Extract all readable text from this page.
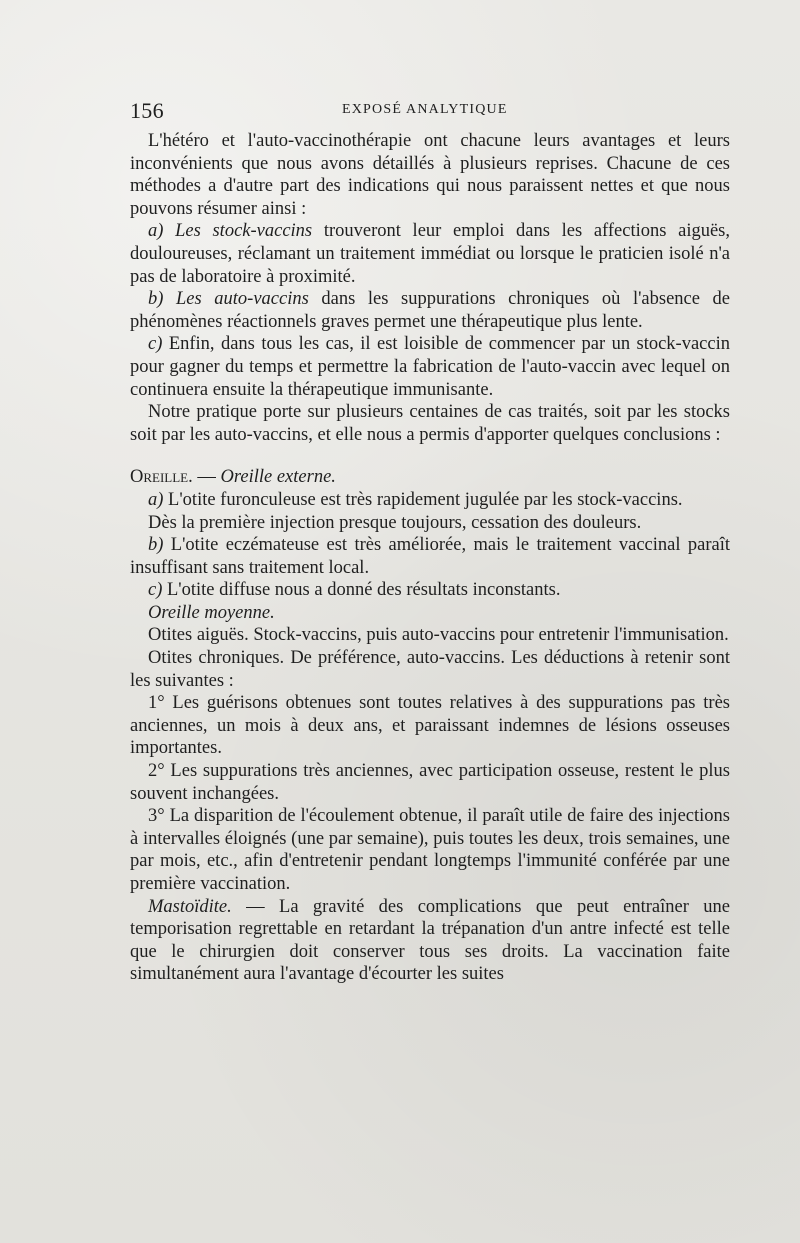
156	EXPOSÉ ANALYTIQUE

L'hétéro et l'auto-vaccinothérapie ont chacune leurs avantages et leurs inconvénients que nous avons détaillés à plusieurs reprises. Chacune de ces méthodes a d'autre part des indications qui nous paraissent nettes et que nous pouvons résumer ainsi :

a) Les stock-vaccins trouveront leur emploi dans les affections aiguës, douloureuses, réclamant un traitement immédiat ou lorsque le praticien isolé n'a pas de laboratoire à proximité.

b) Les auto-vaccins dans les suppurations chroniques où l'absence de phénomènes réactionnels graves permet une thérapeutique plus lente.

c) Enfin, dans tous les cas, il est loisible de commencer par un stock-vaccin pour gagner du temps et permettre la fabrication de l'auto-vaccin avec lequel on continuera ensuite la thérapeutique immunisante.

Notre pratique porte sur plusieurs centaines de cas traités, soit par les stocks soit par les auto-vaccins, et elle nous a permis d'apporter quelques conclusions :

Oreille. — Oreille externe.

a) L'otite furonculeuse est très rapidement jugulée par les stock-vaccins.

Dès la première injection presque toujours, cessation des douleurs.

b) L'otite eczémateuse est très améliorée, mais le traitement vaccinal paraît insuffisant sans traitement local.

c) L'otite diffuse nous a donné des résultats inconstants.

Oreille moyenne.

Otites aiguës. Stock-vaccins, puis auto-vaccins pour entretenir l'immunisation.

Otites chroniques. De préférence, auto-vaccins. Les déductions à retenir sont les suivantes :

1° Les guérisons obtenues sont toutes relatives à des suppurations pas très anciennes, un mois à deux ans, et paraissant indemnes de lésions osseuses importantes.

2° Les suppurations très anciennes, avec participation osseuse, restent le plus souvent inchangées.

3° La disparition de l'écoulement obtenue, il paraît utile de faire des injections à intervalles éloignés (une par semaine), puis toutes les deux, trois semaines, une par mois, etc., afin d'entretenir pendant longtemps l'immunité conférée par une première vaccination.

Mastoïdite. — La gravité des complications que peut entraîner une temporisation regrettable en retardant la trépanation d'un antre infecté est telle que le chirurgien doit conserver tous ses droits. La vaccination faite simultanément aura l'avantage d'écourter les suites
